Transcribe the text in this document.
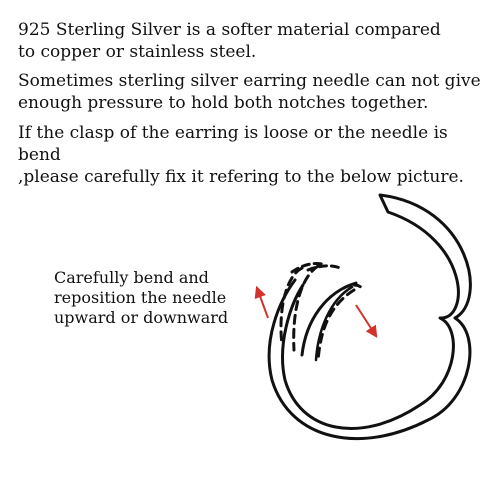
925 Sterling Silver is a softer material compared
to copper or stainless steel.

Sometimes sterling silver earring needle can not give
enough pressure to hold both notches together.

If the clasp of the earring is loose or the needle is bend
,please carefully fix it refering to the below picture.

Carefully bend and
reposition the needle
upward or downward
